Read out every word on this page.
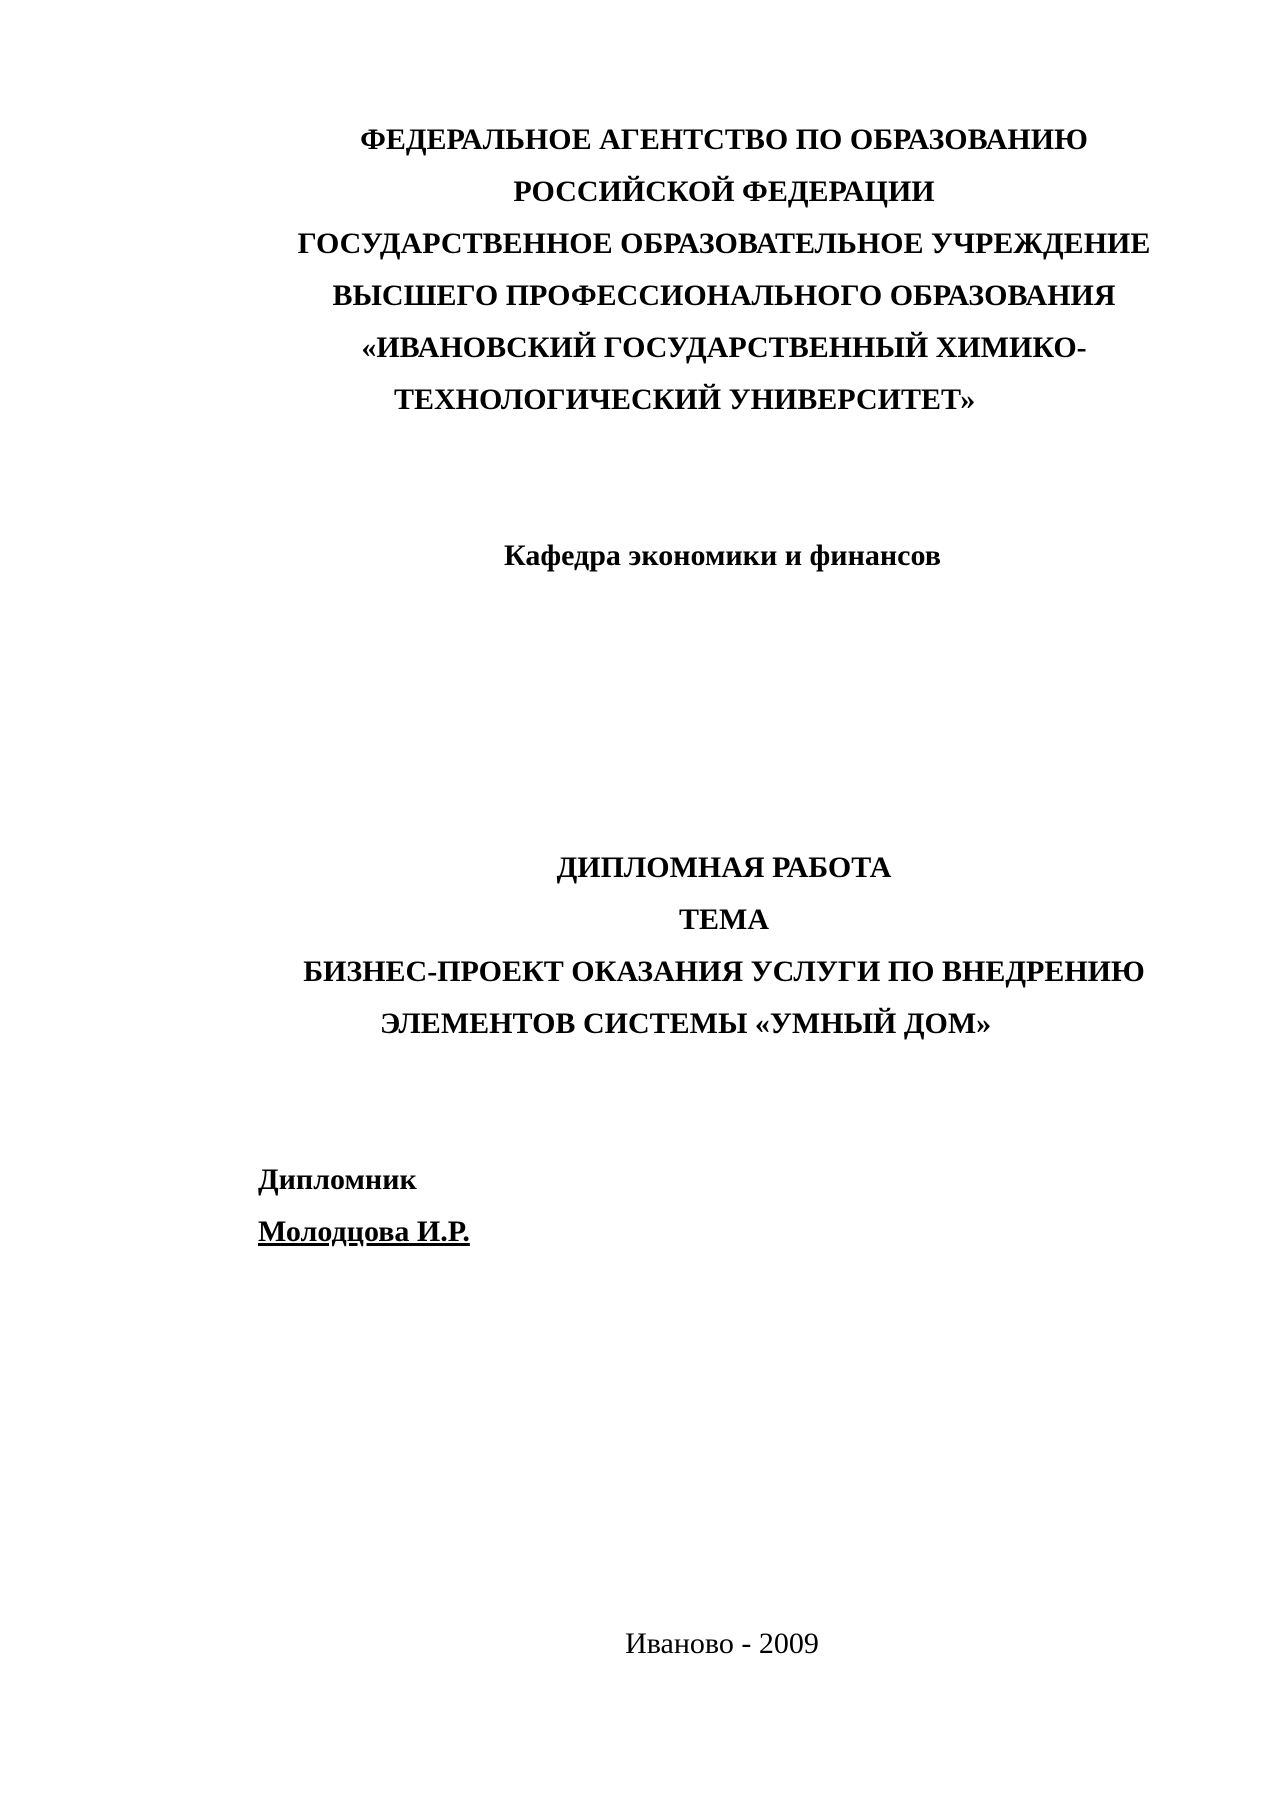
ФЕДЕРАЛЬНОЕ АГЕНТСТВО ПО ОБРАЗОВАНИЮ
РОССИЙСКОЙ ФЕДЕРАЦИИ
ГОСУДАРСТВЕННОЕ ОБРАЗОВАТЕЛЬНОЕ УЧРЕЖДЕНИЕ
ВЫСШЕГО ПРОФЕССИОНАЛЬНОГО ОБРАЗОВАНИЯ
«ИВАНОВСКИЙ ГОСУДАРСТВЕННЫЙ ХИМИКО-
ТЕХНОЛОГИЧЕСКИЙ УНИВЕРСИТЕТ»
Кафедра экономики и финансов
ДИПЛОМНАЯ РАБОТА
ТЕМА
БИЗНЕС-ПРОЕКТ ОКАЗАНИЯ УСЛУГИ ПО ВНЕДРЕНИЮ
ЭЛЕМЕНТОВ СИСТЕМЫ «УМНЫЙ ДОМ»
Дипломник
Молодцова И.Р.
Иваново - 2009
